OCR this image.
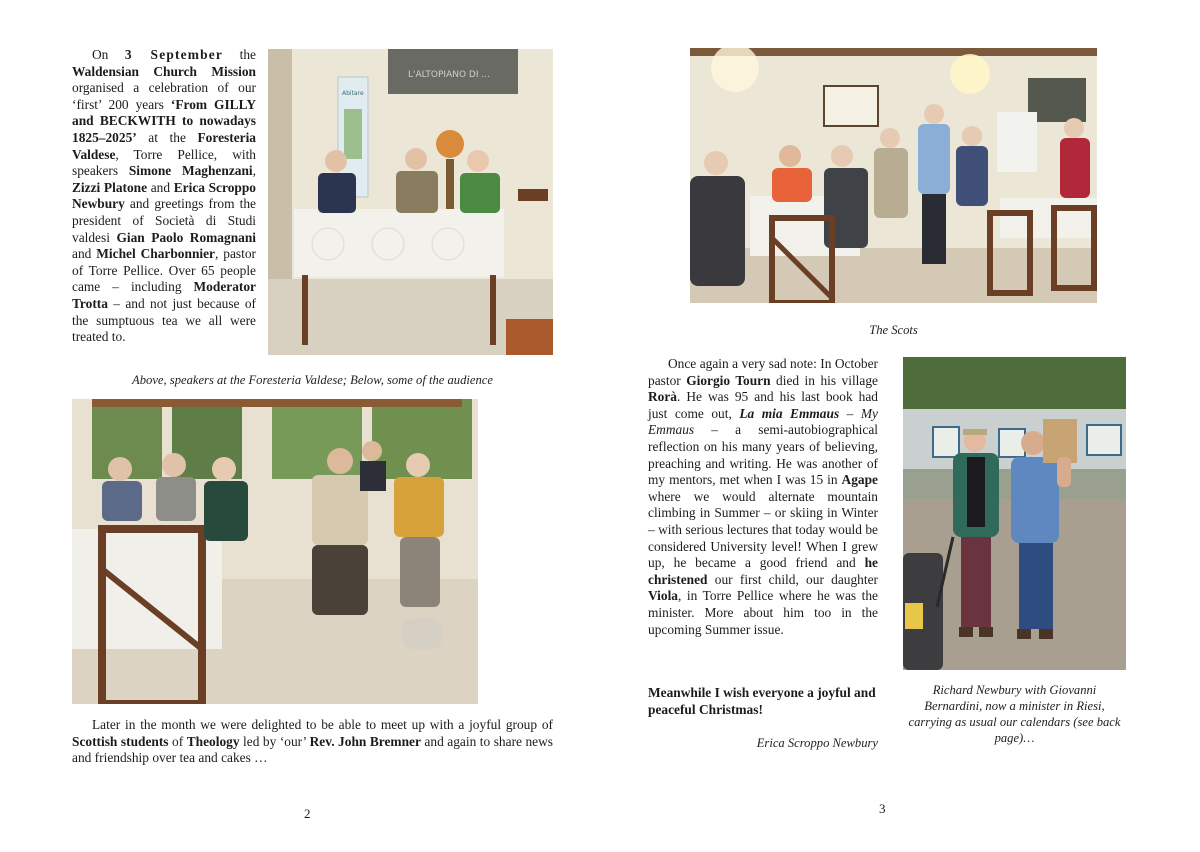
On 3 September the Waldensian Church Mission organised a celebration of our ‘first’ 200 years ‘From GILLY and BECKWITH to nowadays 1825–2025’ at the Foresteria Valdese, Torre Pellice, with speakers Simone Maghenzani, Zizzi Platone and Erica Scroppo Newbury and greetings from the president of Società di Studi valdesi Gian Paolo Romagnani and Michel Charbonnier, pastor of Torre Pellice. Over 65 people came – including Moderator Trotta – and not just because of the sumptuous tea we all were treated to.
L'ALTOPIANO DI ...
Abitare
Above, speakers at the Foresteria Valdese; Below, some of the audience
Later in the month we were delighted to be able to meet up with a joyful group of Scottish students of Theology led by ‘our’ Rev. John Bremner and again to share news and friendship over tea and cakes …
2
The Scots
Once again a very sad note: In October pastor Giorgio Tourn died in his village Rorà. He was 95 and his last book had just come out, La mia Emmaus – My Emmaus – a semi-autobiographical reflection on his many years of believing, preaching and writing. He was another of my mentors, met when I was 15 in Agape where we would alternate mountain climbing in Summer – or skiing in Winter – with serious lectures that today would be considered University level! When I grew up, he became a good friend and he christened our first child, our daughter Viola, in Torre Pellice where he was the minister. More about him too in the upcoming Summer issue.
Meanwhile I wish everyone a joyful and peaceful Christmas!
Erica Scroppo Newbury
Richard Newbury with Giovanni Bernardini, now a minister in Riesi, carrying as usual our calendars (see back page)…
3
